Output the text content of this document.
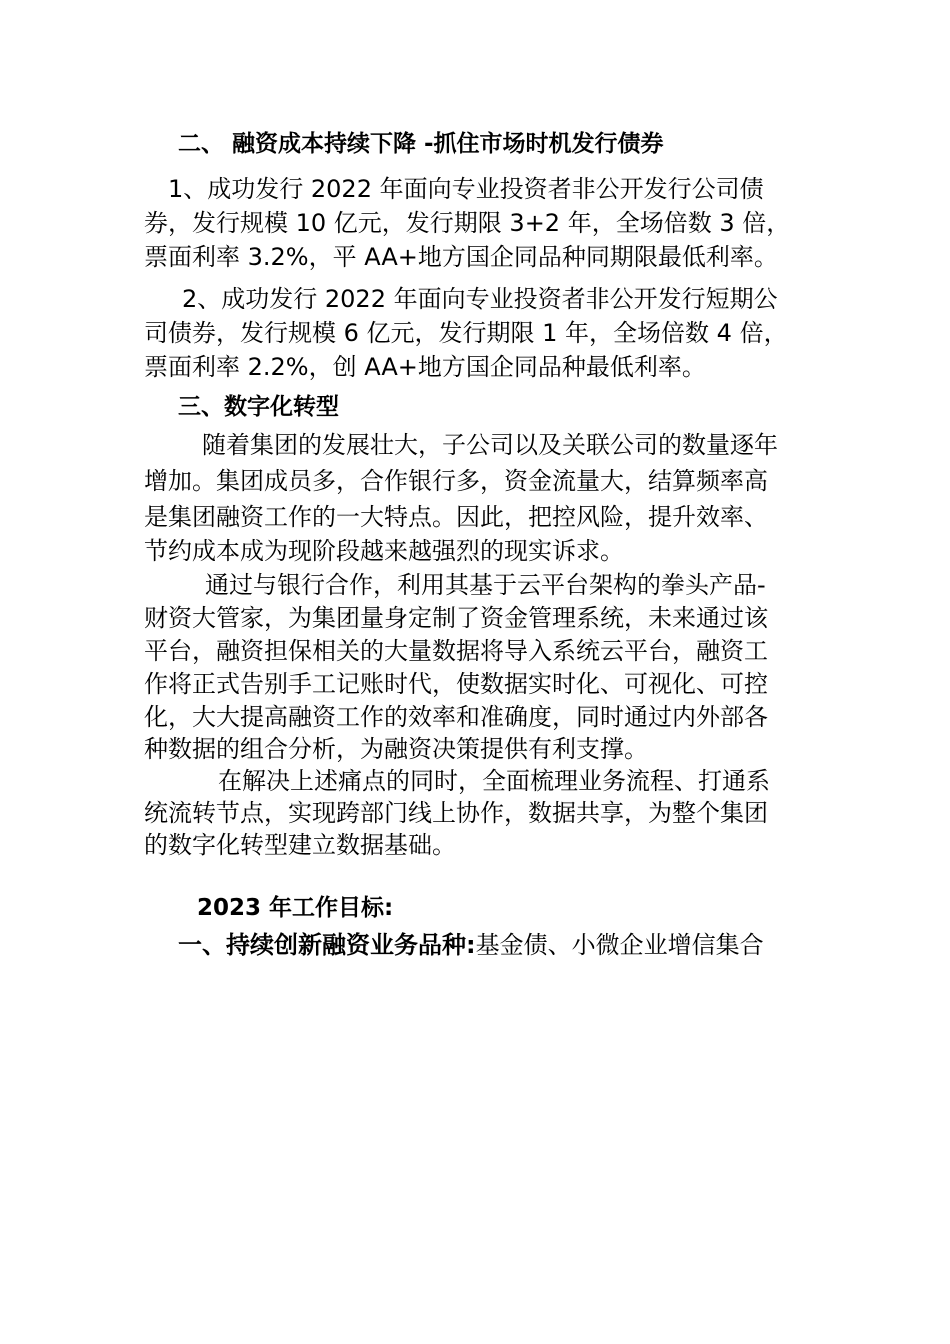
二、 融资成本持续下降 -抓住市场时机发行债券
1、成功发行 2022 年面向专业投资者非公开发行公司债
券，发行规模 10 亿元，发行期限 3+2 年，全场倍数 3 倍，
票面利率 3.2%，平 AA+地方国企同品种同期限最低利率。
2、成功发行 2022 年面向专业投资者非公开发行短期公
司债券，发行规模 6 亿元，发行期限 1 年，全场倍数 4 倍，
票面利率 2.2%，创 AA+地方国企同品种最低利率。
三、数字化转型
随着集团的发展壮大，子公司以及关联公司的数量逐年
增加。集团成员多，合作银行多，资金流量大，结算频率高
是集团融资工作的一大特点。因此，把控风险，提升效率、
节约成本成为现阶段越来越强烈的现实诉求。
通过与银行合作，利用其基于云平台架构的拳头产品-
财资大管家，为集团量身定制了资金管理系统，未来通过该
平台，融资担保相关的大量数据将导入系统云平台，融资工
作将正式告别手工记账时代，使数据实时化、可视化、可控
化，大大提高融资工作的效率和准确度，同时通过内外部各
种数据的组合分析，为融资决策提供有利支撑。
在解决上述痛点的同时，全面梳理业务流程、打通系
统流转节点，实现跨部门线上协作，数据共享，为整个集团
的数字化转型建立数据基础。
2023 年工作目标:
一、持续创新融资业务品种:基金债、小微企业增信集合
